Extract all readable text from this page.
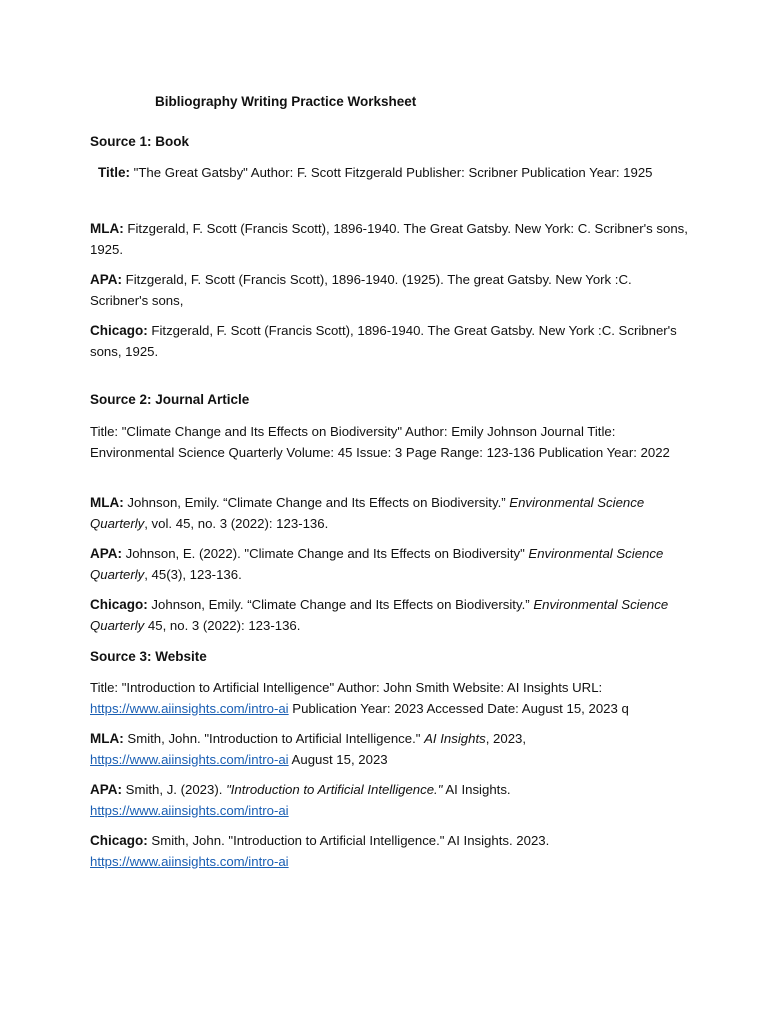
Bibliography Writing Practice Worksheet
Source 1: Book
Title: "The Great Gatsby" Author: F. Scott Fitzgerald Publisher: Scribner Publication Year: 1925
MLA: Fitzgerald, F. Scott (Francis Scott), 1896-1940. The Great Gatsby. New York: C. Scribner's sons, 1925.
APA: Fitzgerald, F. Scott (Francis Scott), 1896-1940. (1925). The great Gatsby. New York :C. Scribner's sons,
Chicago: Fitzgerald, F. Scott (Francis Scott), 1896-1940. The Great Gatsby. New York :C. Scribner's sons, 1925.
Source 2: Journal Article
Title: "Climate Change and Its Effects on Biodiversity" Author: Emily Johnson Journal Title: Environmental Science Quarterly Volume: 45 Issue: 3 Page Range: 123-136 Publication Year: 2022
MLA: Johnson, Emily. “Climate Change and Its Effects on Biodiversity.” Environmental Science Quarterly, vol. 45, no. 3 (2022): 123-136.
APA: Johnson, E. (2022). "Climate Change and Its Effects on Biodiversity" Environmental Science Quarterly, 45(3), 123-136.
Chicago: Johnson, Emily. “Climate Change and Its Effects on Biodiversity.” Environmental Science Quarterly 45, no. 3 (2022): 123-136.
Source 3: Website
Title: "Introduction to Artificial Intelligence" Author: John Smith Website: AI Insights URL: https://www.aiinsights.com/intro-ai Publication Year: 2023 Accessed Date: August 15, 2023 q
MLA: Smith, John. "Introduction to Artificial Intelligence." AI Insights, 2023, https://www.aiinsights.com/intro-ai August 15, 2023
APA: Smith, J. (2023). "Introduction to Artificial Intelligence." AI Insights. https://www.aiinsights.com/intro-ai
Chicago: Smith, John. "Introduction to Artificial Intelligence." AI Insights. 2023. https://www.aiinsights.com/intro-ai
